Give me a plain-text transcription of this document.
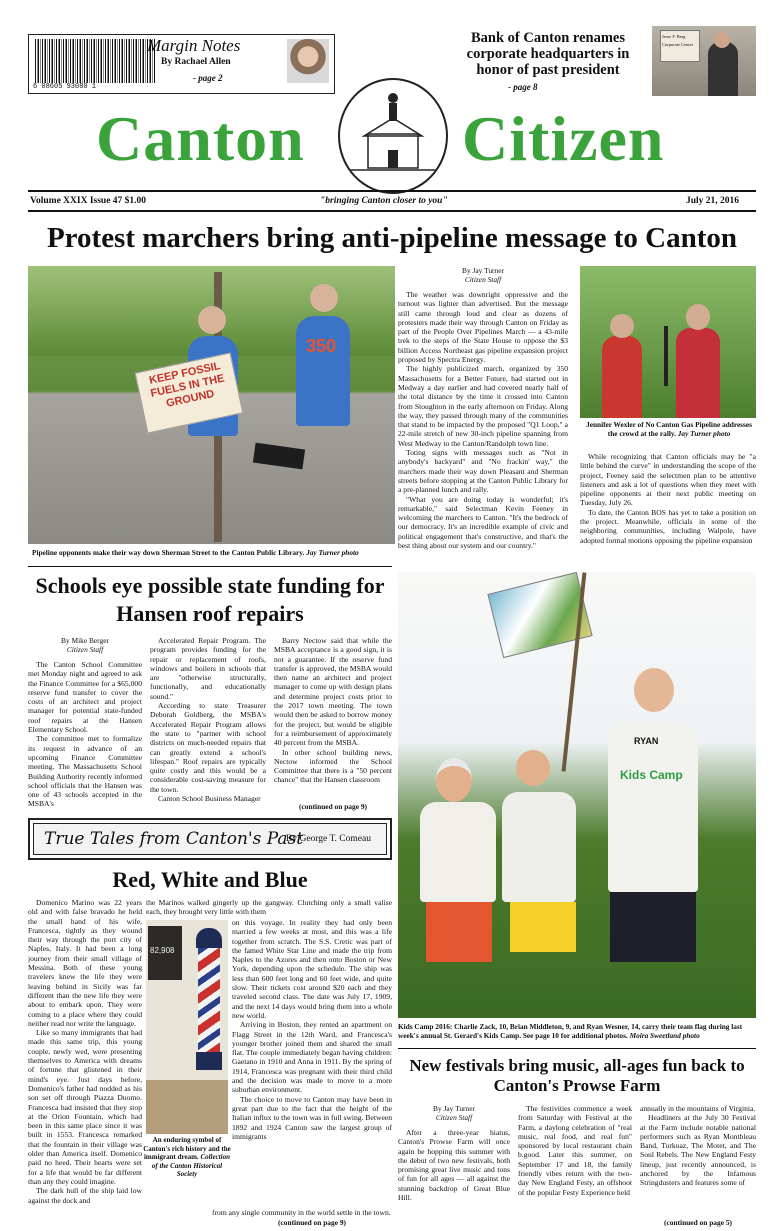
6 08605 93080 1
Margin Notes
By Rachael Allen
- page 2
Bank of Canton renames corporate headquarters in honor of past president
- page 8
Jesse F. Berg
Corporate Center
Canton Citizen
Volume XXIX Issue 47 $1.00	"bringing Canton closer to you"	July 21, 2016
Protest marchers bring anti-pipeline message to Canton
350
KEEP FOSSIL FUELS IN THE GROUND
Pipeline opponents make their way down Sherman Street to the Canton Public Library. Jay Turner photo
By Jay Turner
Citizen Staff

The weather was downright oppressive and the turnout was lighter than advertised. But the message still came through loud and clear as dozens of protesters made their way through Canton on Friday as part of the People Over Pipelines March — a 43-mile trek to the steps of the State House to oppose the $3 billion Access Northeast gas pipeline expansion project proposed by Spectra Energy.

The highly publicized march, organized by 350 Massachusetts for a Better Future, had started out in Medway a day earlier and had covered nearly half of the total distance by the time it crossed into Canton from Stoughton in the early afternoon on Friday. Along the way, they passed through many of the communities that stand to be impacted by the proposed "Q1 Loop," a 22-mile stretch of new 30-inch pipeline spanning from West Medway to the Canton/Randolph town line.

Toting signs with messages such as "Not in anybody's backyard" and "No frackin' way," the marchers made their way down Pleasant and Sherman streets before stopping at the Canton Public Library for a pre-planned lunch and rally.

"What you are doing today is wonderful; it's remarkable," said Selectman Kevin Feeney in welcoming the marchers to Canton. "It's the bedrock of our democracy. It's an incredible example of civic and political engagement that's constructive, and that's the best thing about our system and our country."

Jennifer Wexler of No Canton Gas Pipeline addresses the crowd at the rally. Jay Turner photo

While recognizing that Canton officials may be "a little behind the curve" in understanding the scope of the project, Feeney said the selectmen plan to be attentive listeners and ask a lot of questions when they meet with pipeline opponents at their next public meeting on Tuesday, July 26.

To date, the Canton BOS has yet to take a position on the project. Meanwhile, officials in some of the neighboring communities, including Walpole, have adopted formal motions opposing the pipeline expansion

Schools eye possible state funding for Hansen roof repairs
By Mike Berger
Citizen Staff

The Canton School Committee met Monday night and agreed to ask the Finance Committee for a $65,000 reserve fund transfer to cover the costs of an architect and project manager for potential state-funded roof repairs at the Hansen Elementary School.

The committee met to formalize its request in advance of an upcoming Finance Committee meeting. The Massachusetts School Building Authority recently informed school officials that the Hansen was one of 43 schools accepted in the MSBA's

Accelerated Repair Program. The program provides funding for the repair or replacement of roofs, windows and boilers in schools that are "otherwise structurally, functionally, and educationally sound."

According to state Treasurer Deborah Goldberg, the MSBA's Accelerated Repair Program allows the state to "partner with school districts on much-needed repairs that can greatly extend a school's lifespan." Roof repairs are typically quite costly and this would be a considerable cost-saving measure for the town.

Canton School Business Manager

Barry Nectow said that while the MSBA acceptance is a good sign, it is not a guarantee. If the reserve fund transfer is approved, the MSBA would then name an architect and project manager to come up with design plans and determine project costs prior to the 2017 town meeting. The town would then be asked to borrow money for the project, but would be eligible for a reimbursement of approximately 40 percent from the MSBA.

In other school building news, Nectow informed the School Committee that there is a "50 percent chance" that the Hansen classroom

(continued on page 9)
True Tales from Canton's Past
By George T. Comeau
Red, White and Blue

Domenico Marino was 22 years old and with false bravado he held the small hand of his wife, Francesca, tightly as they wound their way through the port city of Naples, Italy. It had been a long journey from their small village of Messina. Both of these young travelers knew the life they were leaving behind in Sicily was far different than the new life they were about to embark upon. They were coming to a place where they could neither read nor write the language.

Like so many immigrants that had made this same trip, this young couple, newly wed, were presenting themselves to America with dreams of fortune that glistened in their mind's eye. Just days before, Domenico's father had nodded as his son set off through Piazza Duomo. Francesca had insisted that they stop at the Orion Fountain, which had been in this same place since it was built in 1553. Francesca remarked that the fountain in their village was older than America itself. Domenico paid no heed. Their hearts were set for a life that would be far different than any they could imagine.

The dark hull of the ship laid low against the dock and

the Marinos walked gingerly up the gangway. Clutching only a small valise each, they brought very little with them
82,908
An enduring symbol of Canton's rich history and the immigrant dream. Collection of the Canton Historical Society

on this voyage. In reality they had only been married a few weeks at most, and this was a life together from scratch. The S.S. Cretic was part of the famed White Star Line and made the trip from Naples to the Azores and then onto Boston or New York, depending upon the schedule. The ship was less than 600 feet long and 60 feet wide, and quite slow. Their tickets cost around $20 each and they traveled second class. The date was July 17, 1909, and the next 14 days would bring them into a whole new world.

Arriving in Boston, they rented an apartment on Flagg Street in the 12th Ward, and Francesca's younger brother joined them and shared the small flat. The couple immediately began having children: Gaetano in 1910 and Anna in 1911. By the spring of 1914, Francesca was pregnant with their third child and the decision was made to move to a more suburban environment.

The choice to move to Canton may have been in great part due to the fact that the height of the Italian influx to the town was in full swing. Between 1892 and 1924 Canton saw the largest group of immigrants

from any single community in the world settle in the town.
(continued on page 9)
RYAN
Kids Camp
Kids Camp 2016: Charlie Zack, 10, Brian Middleton, 9, and Ryan Wesner, 14, carry their team flag during last week's annual St. Gerard's Kids Camp. See page 10 for additional photos. Moira Sweetland photo
New festivals bring music, all-ages fun back to Canton's Prowse Farm
By Jay Turner
Citizen Staff

After a three-year hiatus, Canton's Prowse Farm will once again be hopping this summer with the debut of two new festivals, both promising great live music and tons of fun for all ages — all against the stunning backdrop of Great Blue Hill.

The festivities commence a week from Saturday with Festival at the Farm, a daylong celebration of "real music, real food, and real fun" sponsored by local restaurant chain b.good. Later this summer, on September 17 and 18, the family friendly vibes return with the two-day New England Festy, an offshoot of the popular Festy Experience held

annually in the mountains of Virginia.

Headliners at the July 30 Festival at the Farm include notable national performers such as Ryan Montbleau Band, Turkuaz, The Motet, and The Soul Rebels. The New England Festy lineup, just recently announced, is anchored by the Infamous Stringdusters and features some of

(continued on page 5)
